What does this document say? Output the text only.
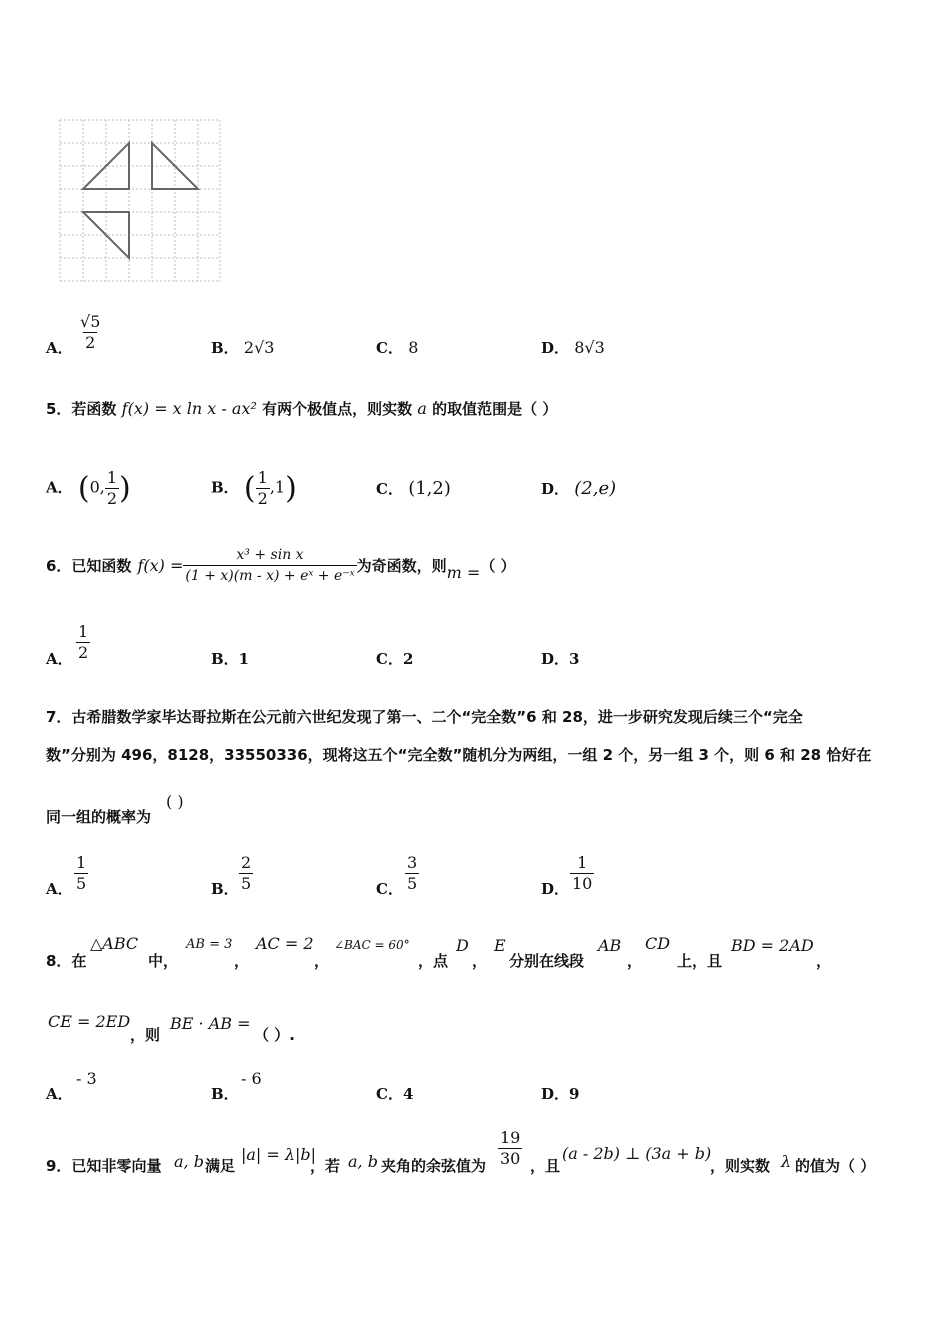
A． $\frac{√5}{2}$	B． 2√3	C． 8	D． 8√3
5．若函数 f(x) = x ln x - ax² 有两个极值点，则实数 a 的取值范围是（ ）
A． (0, $\frac{1}{2}$ )	B． ( $\frac{1}{2} ,1$)	C． (1,2)	D． (2,e)
6．已知函数 $f(x) = \frac{\text{x³ + sin x}}{\text{(1 + x)(m - x) + eˣ + e⁻ˣ}}$ 为奇函数，则 m = （ ）
A． $\frac{1}{2}$	B．1	C．2	D．3
7．古希腊数学家毕达哥拉斯在公元前六世纪发现了第一、二个“完全数”6 和 28，进一步研究发现后续三个“完全
数”分别为 496，8128，33550336，现将这五个“完全数”随机分为两组，一组 2 个，另一组 3 个，则 6 和 28 恰好在
同一组的概率为
( )
A． $\frac{1}{5}$	B． $\frac{2}{5}$	C． $\frac{3}{5}$	D． $\frac{1}{10}$
8．在
△ABC
中，
AB = 3
，
AC = 2
，
∠BAC = 60°
，点
D
，
E
分别在线段
AB
，
CD
上，且
BD = 2AD
，
CE = 2ED
，则
BE · AB =
（ ）.
A．
- 3
B．
- 6
C．4	D．9
9．已知非零向量 a, b 满足
|a| = λ|b|
，若 a, b 夹角的余弦值为 $\frac{19}{30}$ ，且
(a - 2b) ⊥ (3a + b)
，则实数 λ 的值为（ ）
